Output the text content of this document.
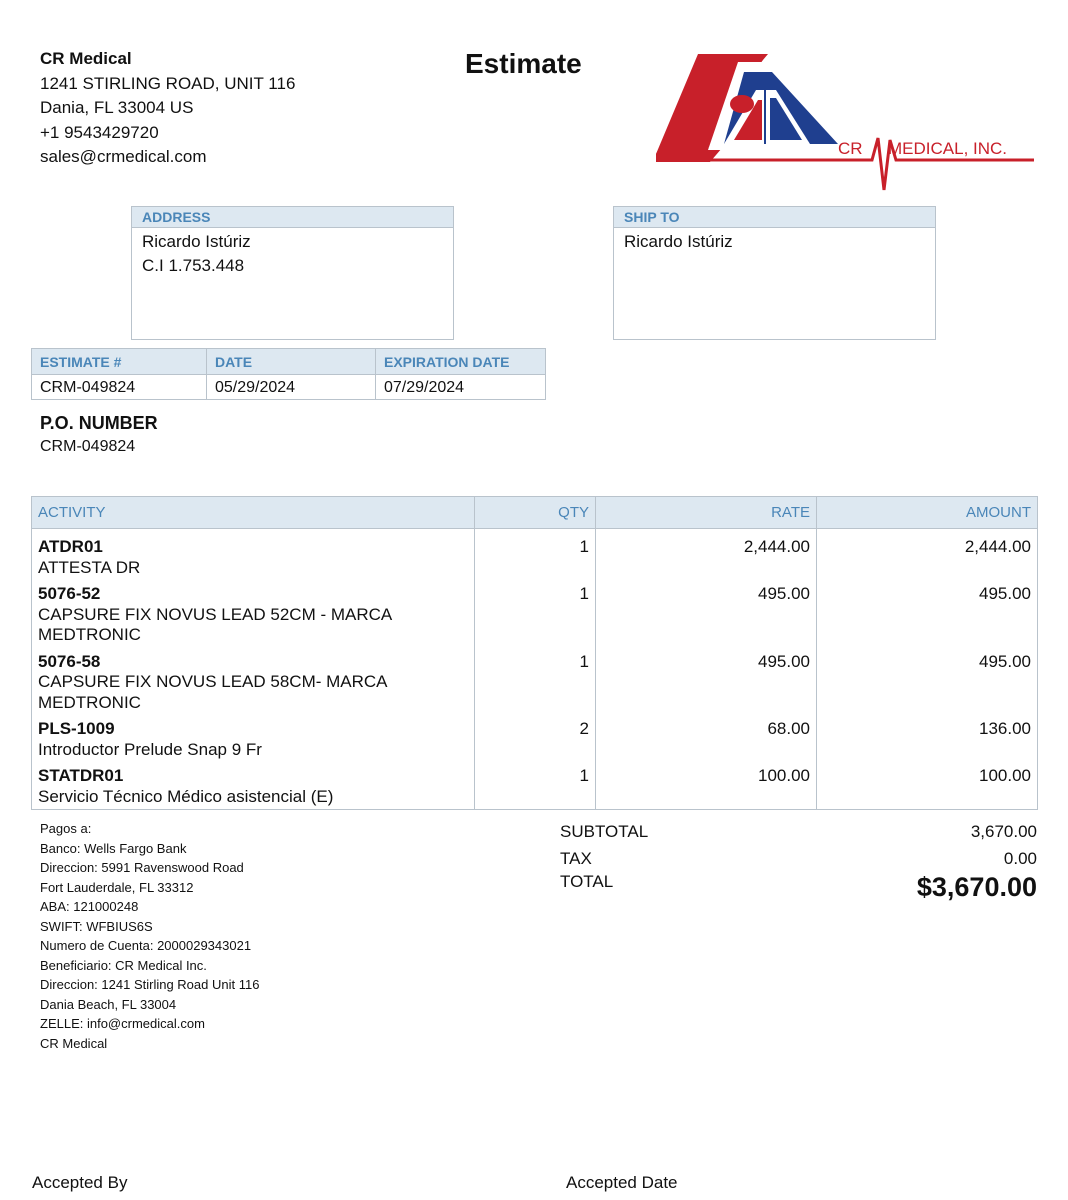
CR Medical
1241 STIRLING ROAD, UNIT 116
Dania, FL 33004 US
+1 9543429720
sales@crmedical.com
Estimate
CR MEDICAL, INC.
ADDRESS
Ricardo Istúriz
C.I 1.753.448
SHIP TO
Ricardo Istúriz
ESTIMATE #	DATE	EXPIRATION DATE
CRM-049824	05/29/2024	07/29/2024
P.O. NUMBER
CRM-049824
ACTIVITY	QTY	RATE	AMOUNT

ATDR01
ATTESTA DR	1	2,444.00	2,444.00

5076-52
CAPSURE FIX NOVUS LEAD 52CM - MARCA MEDTRONIC	1	495.00	495.00

5076-58
CAPSURE FIX NOVUS LEAD 58CM- MARCA MEDTRONIC	1	495.00	495.00

PLS-1009
Introductor Prelude Snap 9 Fr	2	68.00	136.00

STATDR01
Servicio Técnico Médico asistencial (E)	1	100.00	100.00
Pagos a:
Banco: Wells Fargo Bank
Direccion: 5991 Ravenswood Road
Fort Lauderdale, FL 33312
ABA: 121000248
SWIFT: WFBIUS6S
Numero de Cuenta: 2000029343021
Beneficiario: CR Medical Inc.
Direccion: 1241 Stirling Road Unit 116
Dania Beach, FL 33004
ZELLE: info@crmedical.com
CR Medical
SUBTOTAL	3,670.00
TAX	0.00
TOTAL	$3,670.00
Accepted By	Accepted Date
